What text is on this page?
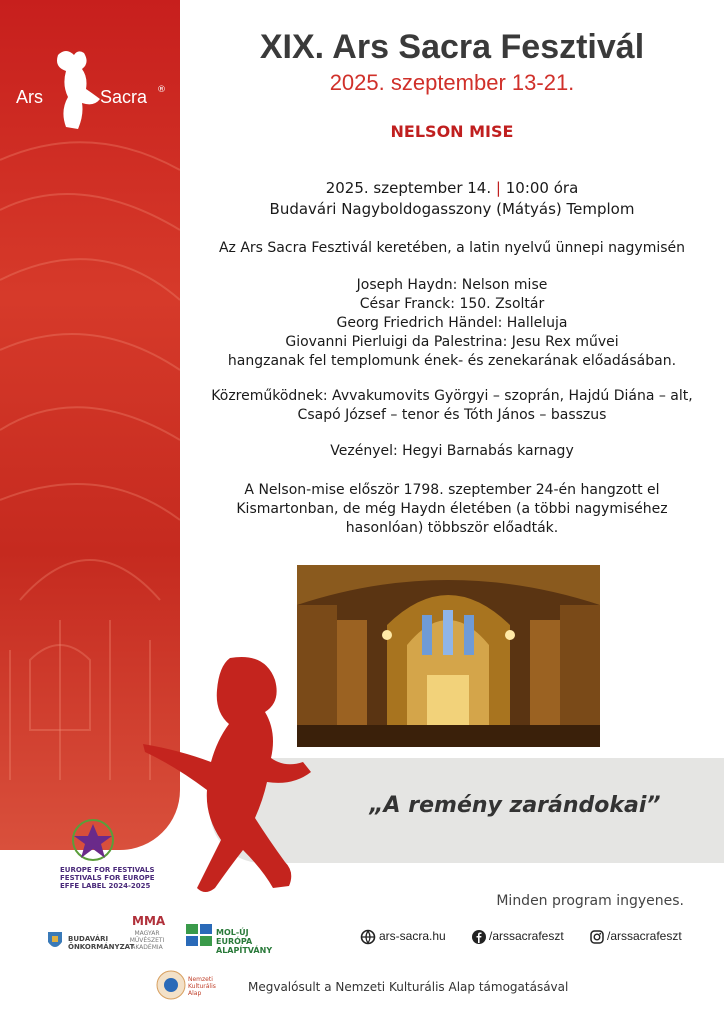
Ars	Sacra ®
XIX. Ars Sacra Fesztivál
2025. szeptember 13-21.
NELSON MISE
2025. szeptember 14. | 10:00 óra
Budavári Nagyboldogasszony (Mátyás) Templom
Az Ars Sacra Fesztivál keretében, a latin nyelvű ünnepi nagymisén
Joseph Haydn: Nelson mise
César Franck: 150. Zsoltár
Georg Friedrich Händel: Halleluja
Giovanni Pierluigi da Palestrina: Jesu Rex művei
hangzanak fel templomunk ének- és zenekarának előadásában.
Közreműködnek: Avvakumovits Györgyi – szoprán, Hajdú Diána – alt,
Csapó József – tenor és Tóth János – basszus
Vezényel: Hegyi Barnabás karnagy
A Nelson-mise először 1798. szeptember 24-én hangzott el
Kismartonban, de még Haydn életében (a többi nagymiséhez
hasonlóan) többször előadták.
„A remény zarándokai”
EUROPE FOR FESTIVALS
FESTIVALS FOR EUROPE
EFFE LABEL 2024-2025
Minden program ingyenes.
BUDAVÁRI ÖNKORMÁNYZAT
MMA
MAGYAR MŰVÉSZETI AKADÉMIA
MOL-ÚJ EURÓPA ALAPÍTVÁNY
ars-sacra.hu	/arssacrafeszt	/arssacrafeszt
Nemzeti Kulturális Alap	Megvalósult a Nemzeti Kulturális Alap támogatásával
